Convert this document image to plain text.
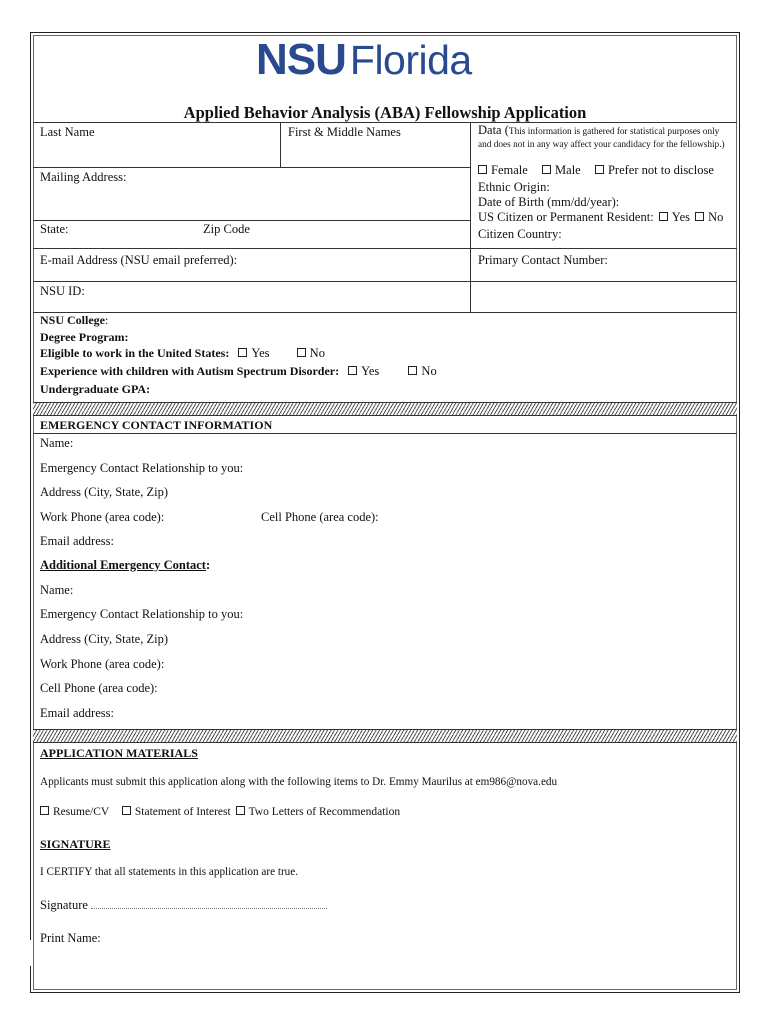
NSU Florida
Applied Behavior Analysis (ABA) Fellowship Application
Last Name	First & Middle Names
Mailing Address:
State:	Zip Code
E-mail Address (NSU email preferred):
NSU ID:
Data (This information is gathered for statistical purposes only and does not in any way affect your candidacy for the fellowship.)
Female Male Prefer not to disclose
Ethnic Origin:
Date of Birth (mm/dd/year):
US Citizen or Permanent Resident: Yes No
Citizen Country:
Primary Contact Number:
NSU College:
Degree Program:
Eligible to work in the United States: Yes	No
Experience with children with Autism Spectrum Disorder: Yes	No
Undergraduate GPA:
EMERGENCY CONTACT INFORMATION
Name:
Emergency Contact Relationship to you:
Address (City, State, Zip)
Work Phone (area code):	Cell Phone (area code):
Email address:
Additional Emergency Contact:
Name:
Emergency Contact Relationship to you:
Address (City, State, Zip)
Work Phone (area code):
Cell Phone (area code):
Email address:
APPLICATION MATERIALS
Applicants must submit this application along with the following items to Dr. Emmy Maurilus at em986@nova.edu
Resume/CV Statement of Interest Two Letters of Recommendation
SIGNATURE
I CERTIFY that all statements in this application are true.
Signature
Print Name:
